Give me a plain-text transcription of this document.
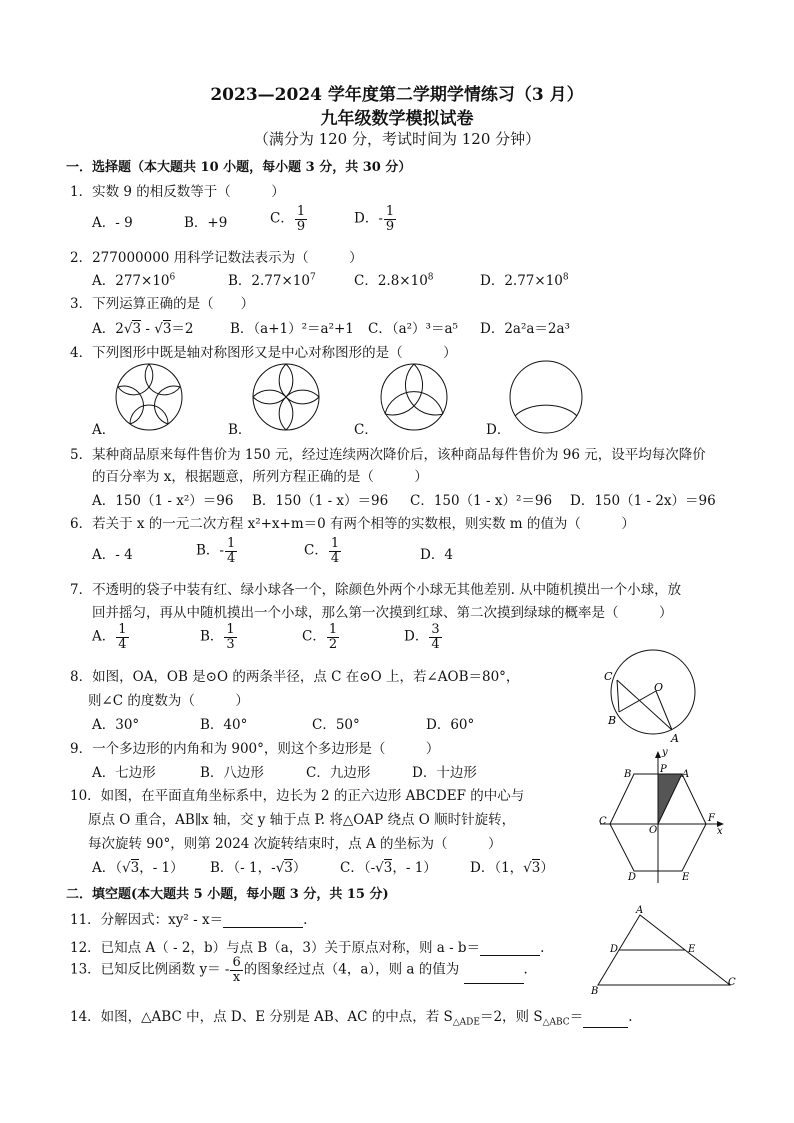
2023—2024 学年度第二学期学情练习（3 月）
九年级数学模拟试卷
（满分为 120 分，考试时间为 120 分钟）
一．选择题（本大题共 10 小题，每小题 3 分，共 30 分）
1．实数 9 的相反数等于（　　　）
A．- 9	B．+9	C． $\frac{1}{9}$	D．- $\frac{1}{9}$
2．277000000 用科学记数法表示为（　　　）
A．$277\times 10^6$	B．$2.77\times 10^7$	C．$2.8\times 10^8$	D．$2.77\times 10^8$
3．下列运算正确的是（　　）
A．2√3 - √3＝2	B．（a+1）²＝a²+1 C．（a²）³＝a⁵ D．2a²a＝2a³
4．下列图形中既是轴对称图形又是中心对称图形的是（　　　）
A．	B．	C．	D．
5．某种商品原来每件售价为 150 元，经过连续两次降价后，该种商品每件售价为 96 元，设平均每次降价
的百分率为 x，根据题意，所列方程正确的是（　　　）
A．150（1 - x²）＝96 B．150（1 - x）＝96 C．150（1 - x）²＝96 D．150（1 - 2x）＝96
6．若关于 x 的一元二次方程 x²+x+m＝0 有两个相等的实数根，则实数 m 的值为（　　　）
A．- 4	B．- $\frac{1}{4}$	C． $\frac{1}{4}$	D．4
7．不透明的袋子中装有红、绿小球各一个，除颜色外两个小球无其他差别. 从中随机摸出一个小球，放
回并摇匀，再从中随机摸出一个小球，那么第一次摸到红球、第二次摸到绿球的概率是（　　　）
A． $\frac{1}{4}$	B． $\frac{1}{3}$	C． $\frac{1}{2}$	D． $\frac{3}{4}$
8．如图，OA，OB 是⊙O 的两条半径，点 C 在⊙O 上，若∠AOB＝80°，
则∠C 的度数为（　　　）
A．30°	B．40°	C．50°	D．60°
C
O
B
A
9．一个多边形的内角和为 900°，则这个多边形是（　　　）
A．七边形	B．八边形	C．九边形	D．十边形
10．如图，在平面直角坐标系中，边长为 2 的正六边形 ABCDEF 的中心与
原点 O 重合，AB∥x 轴，交 y 轴于点 P. 将△OAP 绕点 O 顺时针旋转，
每次旋转 90°，则第 2024 次旋转结束时，点 A 的坐标为（　　　）
A．（√3，- 1） B．（- 1，-√3） C．（-√3，- 1） D．（1，√3）
y
x
B	P A
C
O
F
D	E
二．填空题(本大题共 5 小题，每小题 3 分，共 15 分)
11．分解因式：xy² - x＝	.
12．已知点 A（ - 2，b）与点 B（a，3）关于原点对称，则 a - b＝	.
13．已知反比例函数 $y= - \frac{6}{x}$ 的图象经过点（4，a），则 a 的值为	.
14．如图，△ABC 中，点 D、E 分别是 AB、AC 的中点，若 $S_{\triangle ADE}=2$，则 $S_{\triangle ABC}=$	.
A
D	E
B
C
